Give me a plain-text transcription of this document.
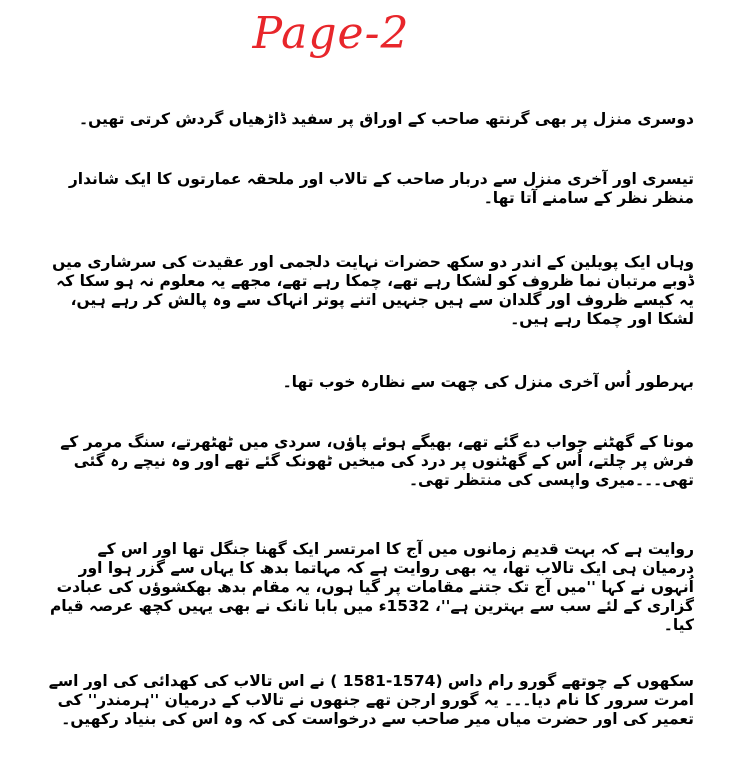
Page-2

دوسری منزل پر بھی گرنتھ صاحب کے اوراق پر سفید ڈاڑھیاں گردش کرتی تھیں۔

تیسری اور آخری منزل سے دربار صاحب کے تالاب اور ملحقہ عمارتوں کا ایک شاندار منظر نظر کے سامنے آتا تھا۔

وہاں ایک پویلین کے اندر دو سکھ حضرات نہایت دلجمی اور عقیدت کی سرشاری میں ڈوبے مرتبان نما ظروف کو لشکا رہے تھے، چمکا رہے تھے، مجھے یہ معلوم نہ ہو سکا کہ یہ کیسے ظروف اور گلدان سے ہیں جنہیں اتنے پوتر انہاک سے وہ پالش کر رہے ہیں، لشکا اور چمکا رہے ہیں۔

بہرطور اُس آخری منزل کی چھت سے نظارہ خوب تھا۔

مونا کے گھٹنے جواب دے گئے تھے، بھیگے ہوئے پاؤں، سردی میں ٹھٹھرتے، سنگ مرمر کے فرش پر چلتے، اُس کے گھٹنوں پر درد کی میخیں ٹھونک گئے تھے اور وہ نیچے رہ گئی تھی۔۔۔میری واپسی کی منتظر تھی۔

روایت ہے کہ بہت قدیم زمانوں میں آج کا امرتسر ایک گھنا جنگل تھا اور اس کے درمیان ہی ایک تالاب تھا، یہ بھی روایت ہے کہ مہاتما بدھ کا یہاں سے گزر ہوا اور اُنہوں نے کہا ''میں آج تک جتنے مقامات پر گیا ہوں، یہ مقام بدھ بھکشوؤں کی عبادت گزاری کے لئے سب سے بہترین ہے''، 1532ء میں بابا نانک نے بھی یہیں کچھ عرصہ قیام کیا۔

سکھوں کے چوتھے گورو رام داس (1574-1581 ) نے اس تالاب کی کھدائی کی اور اسے امرت سرور کا نام دیا۔۔۔ یہ گورو ارجن تھے جنھوں نے تالاب کے درمیان ''ہرمندر'' کی تعمیر کی اور حضرت میاں میر صاحب سے درخواست کی کہ وہ اس کی بنیاد رکھیں۔
